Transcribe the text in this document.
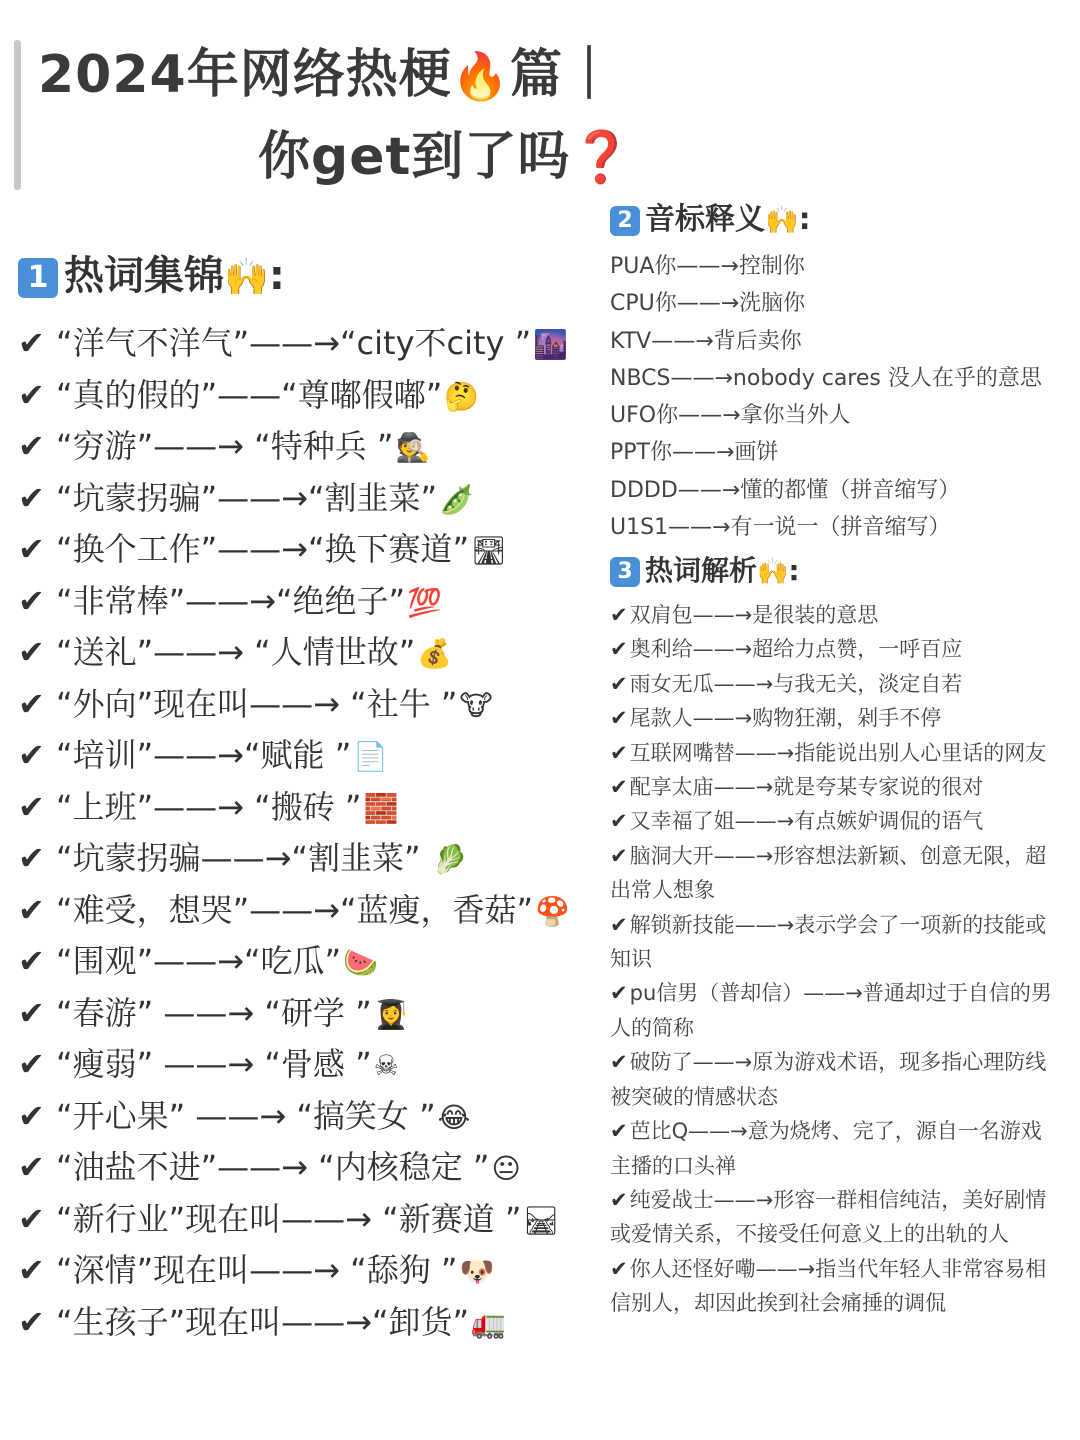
2024年网络热梗🔥篇｜
你get到了吗❓
1 热词集锦🙌:
✔ “洋气不洋气”——→“city不city ”🌆
✔ “真的假的”——“尊嘟假嘟”🤔
✔ “穷游”——→ “特种兵 ”🕵
✔ “坑蒙拐骗”——→“割韭菜”🫛
✔ “换个工作”——→“换下赛道”🛣
✔ “非常棒”——→“绝绝子”💯
✔ “送礼”——→ “人情世故”💰
✔ “外向”现在叫——→ “社牛 ”🐮
✔ “培训”——→“赋能 ”📄
✔ “上班”——→ “搬砖 ”🧱
✔ “坑蒙拐骗——→“割韭菜” 🥬
✔ “难受，想哭”——→“蓝瘦，香菇”🍄
✔ “围观”——→“吃瓜”🍉
✔ “春游” ——→ “研学 ”👩‍🎓
✔ “瘦弱” ——→ “骨感 ”☠
✔ “开心果” ——→ “搞笑女 ”😂
✔ “油盐不进”——→ “内核稳定 ”😐
✔ “新行业”现在叫——→ “新赛道 ”🛤
✔ “深情”现在叫——→ “舔狗 ”🐶
✔ “生孩子”现在叫——→“卸货”🚛
2 音标释义🙌:
PUA你——→控制你
CPU你——→洗脑你
KTV——→背后卖你
NBCS——→nobody cares 没人在乎的意思
UFO你——→拿你当外人
PPT你——→画饼
DDDD——→懂的都懂（拼音缩写）
U1S1——→有一说一（拼音缩写）
3 热词解析🙌:
✔双肩包——→是很装的意思
✔奥利给——→超给力点赞，一呼百应
✔雨女无瓜——→与我无关，淡定自若
✔尾款人——→购物狂潮，剁手不停
✔互联网嘴替——→指能说出别人心里话的网友
✔配享太庙——→就是夸某专家说的很对
✔又幸福了姐——→有点嫉妒调侃的语气
✔脑洞大开——→形容想法新颖、创意无限，超出常人想象
✔解锁新技能——→表示学会了一项新的技能或知识
✔pu信男（普却信）——→普通却过于自信的男人的简称
✔破防了——→原为游戏术语，现多指心理防线被突破的情感状态
✔芭比Q——→意为烧烤、完了，源自一名游戏主播的口头禅
✔纯爱战士——→形容一群相信纯洁，美好剧情或爱情关系，不接受任何意义上的出轨的人
✔你人还怪好嘞——→指当代年轻人非常容易相信别人，却因此挨到社会痛捶的调侃
